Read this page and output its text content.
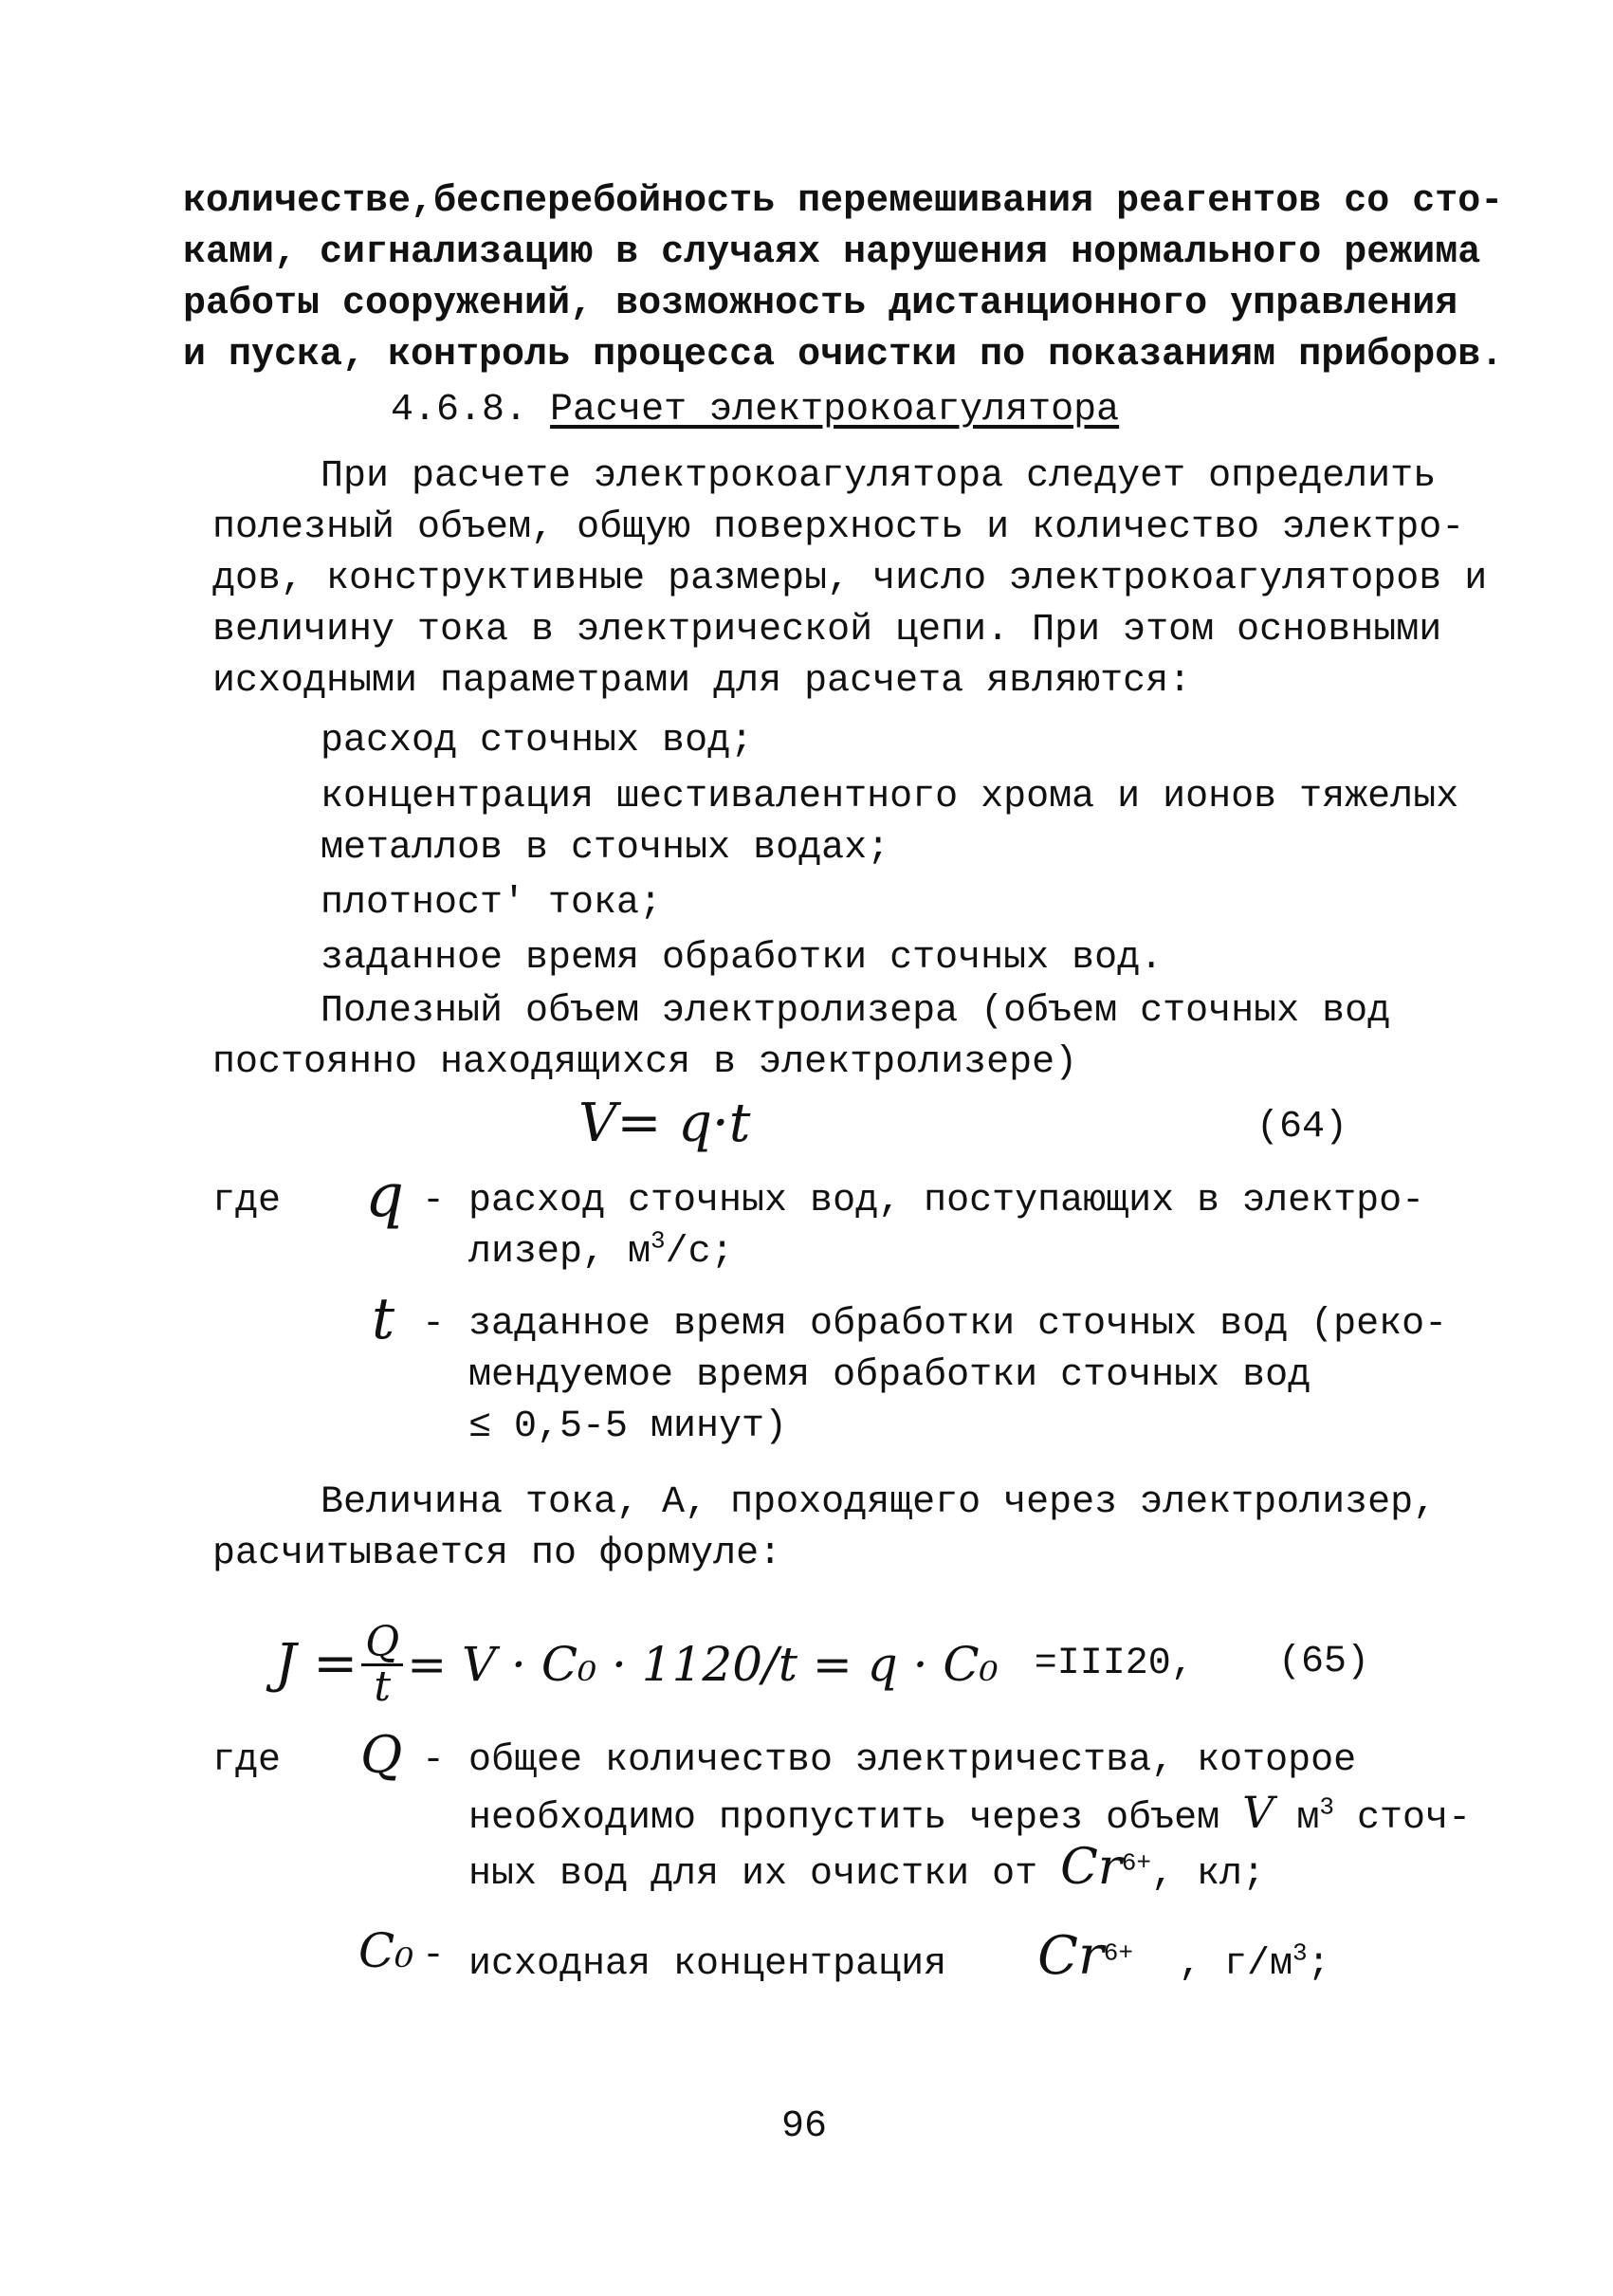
количестве,бесперебойность перемешивания реагентов со сто-
ками, сигнализацию в случаях нарушения нормального режима
работы сооружений, возможность дистанционного управления
и пуска, контроль процесса очистки по показаниям приборов.
4.6.8. Расчет электрокоагулятора
При расчете электрокоагулятора следует определить
полезный объем, общую поверхность и количество электро-
дов, конструктивные размеры, число электрокоагуляторов и
величину тока в электрической цепи. При этом основными
исходными параметрами для расчета являются:
расход сточных вод;
концентрация шестивалентного хрома и ионов тяжелых
металлов в сточных водах;
плотност' тока;
заданное время обработки сточных вод.
Полезный объем электролизера (объем сточных вод
постоянно находящихся в электролизере)
V= q·t	(64)
где q - расход сточных вод, поступающих в электро-
лизер, $м^3/с$;
t - заданное время обработки сточных вод (реко-
мендуемое время обработки сточных вод
≤ 0,5-5 минут)
Величина тока, А, проходящего через электролизер,
расчитывается по формуле:
$J = \frac{Q}{t} = V \cdot C_0 \cdot 1120/t = q \cdot C_0 =III20$, (65)
где Q - общее количество электричества, которое
необходимо пропустить через объем V $м^3$ сточ-
ных вод для их очистки от $Cr^{6+}$, кл;
C₀ - исходная концентрация $Cr^{6+}$ , $г/м^3$;
96
